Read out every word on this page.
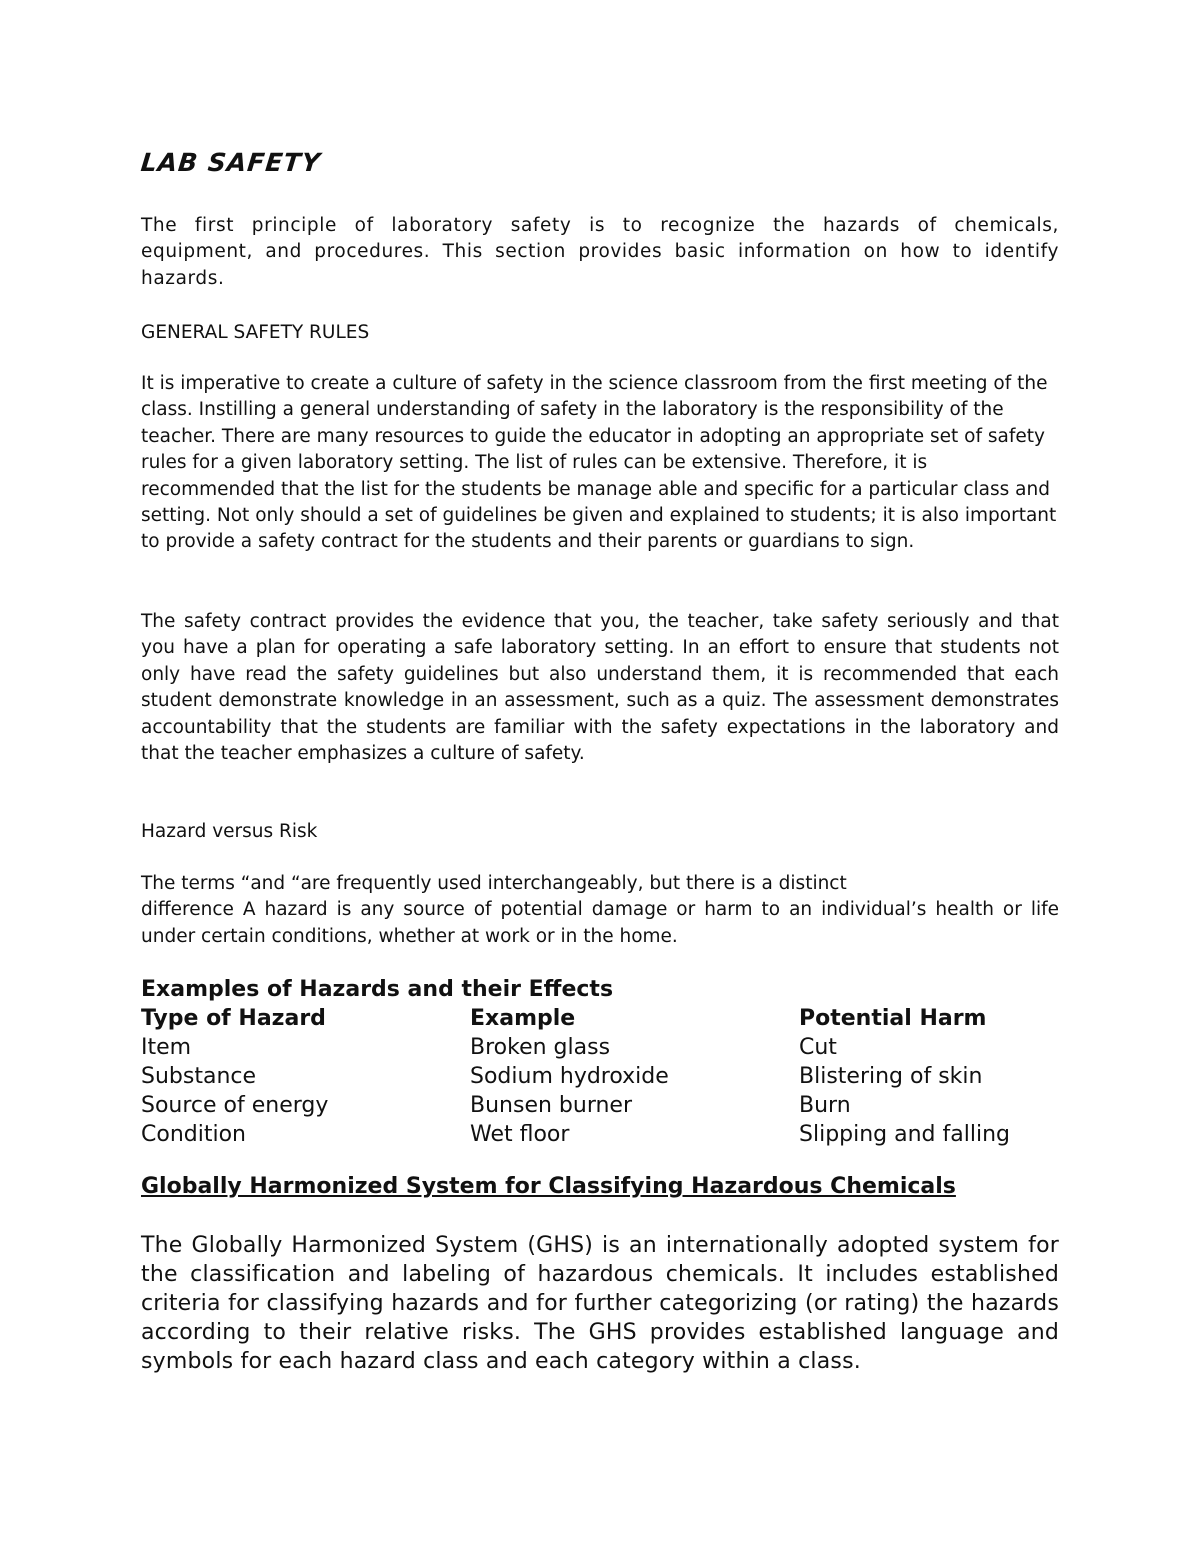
LAB SAFETY

The first principle of laboratory safety is to recognize the hazards of chemicals, equipment, and procedures. This section provides basic information on how to identify hazards.

GENERAL SAFETY RULES

It is imperative to create a culture of safety in the science classroom from the first meeting of the class. Instilling a general understanding of safety in the laboratory is the responsibility of the teacher. There are many resources to guide the educator in adopting an appropriate set of safety rules for a given laboratory setting. The list of rules can be extensive. Therefore, it is recommended that the list for the students be manage able and specific for a particular class and setting. Not only should a set of guidelines be given and explained to students; it is also important to provide a safety contract for the students and their parents or guardians to sign.

The safety contract provides the evidence that you, the teacher, take safety seriously and that you have a plan for operating a safe laboratory setting. In an effort to ensure that students not only have read the safety guidelines but also understand them, it is recommended that each student demonstrate knowledge in an assessment, such as a quiz. The assessment demonstrates accountability that the students are familiar with the safety expectations in the laboratory and that the teacher emphasizes a culture of safety.

Hazard versus Risk

The terms “and “are frequently used interchangeably, but there is a distinct
difference A hazard is any source of potential damage or harm to an individual’s health or life under certain conditions, whether at work or in the home.

Examples of Hazards and their Effects
Type of Hazard	Example	Potential Harm
Item	Broken glass	Cut
Substance	Sodium hydroxide	Blistering of skin
Source of energy	Bunsen burner	Burn
Condition	Wet floor	Slipping and falling
Globally Harmonized System for Classifying Hazardous Chemicals

The Globally Harmonized System (GHS) is an internationally adopted system for the classification and labeling of hazardous chemicals. It includes established criteria for classifying hazards and for further categorizing (or rating) the hazards according to their relative risks. The GHS provides established language and symbols for each hazard class and each category within a class.
